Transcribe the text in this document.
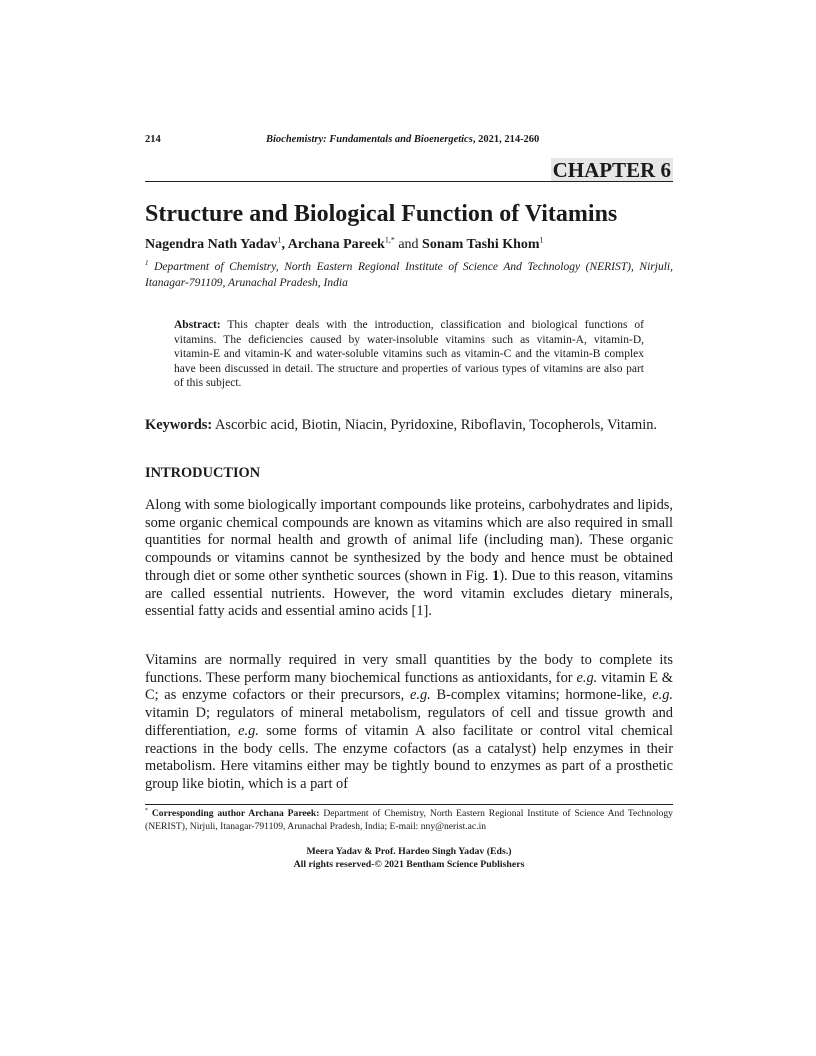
214	Biochemistry: Fundamentals and Bioenergetics, 2021, 214-260
CHAPTER 6
Structure and Biological Function of Vitamins
Nagendra Nath Yadav$^1$, Archana Pareek$^{1,*}$ and Sonam Tashi Khom$^1$
$^1$ Department of Chemistry, North Eastern Regional Institute of Science And Technology (NERIST), Nirjuli, Itanagar-791109, Arunachal Pradesh, India
Abstract: This chapter deals with the introduction, classification and biological functions of vitamins. The deficiencies caused by water-insoluble vitamins such as vitamin-A, vitamin-D, vitamin-E and vitamin-K and water-soluble vitamins such as vitamin-C and the vitamin-B complex have been discussed in detail. The structure and properties of various types of vitamins are also part of this subject.
Keywords: Ascorbic acid, Biotin, Niacin, Pyridoxine, Riboflavin, Tocopherols, Vitamin.
INTRODUCTION

Along with some biologically important compounds like proteins, carbohydrates and lipids, some organic chemical compounds are known as vitamins which are also required in small quantities for normal health and growth of animal life (including man). These organic compounds or vitamins cannot be synthesized by the body and hence must be obtained through diet or some other synthetic sources (shown in Fig. 1). Due to this reason, vitamins are called essential nutrients. However, the word vitamin excludes dietary minerals, essential fatty acids and essential amino acids [1].

Vitamins are normally required in very small quantities by the body to complete its functions. These perform many biochemical functions as antioxidants, for e.g. vitamin E & C; as enzyme cofactors or their precursors, e.g. B-complex vitamins; hormone-like, e.g. vitamin D; regulators of mineral metabolism, regulators of cell and tissue growth and differentiation, e.g. some forms of vitamin A also facilitate or control vital chemical reactions in the body cells. The enzyme cofactors (as a catalyst) help enzymes in their metabolism. Here vitamins either may be tightly bound to enzymes as part of a prosthetic group like biotin, which is a part of

* Corresponding author Archana Pareek: Department of Chemistry, North Eastern Regional Institute of Science And Technology (NERIST), Nirjuli, Itanagar-791109, Arunachal Pradesh, India; E-mail: nny@nerist.ac.in
Meera Yadav & Prof. Hardeo Singh Yadav (Eds.)
All rights reserved-© 2021 Bentham Science Publishers
